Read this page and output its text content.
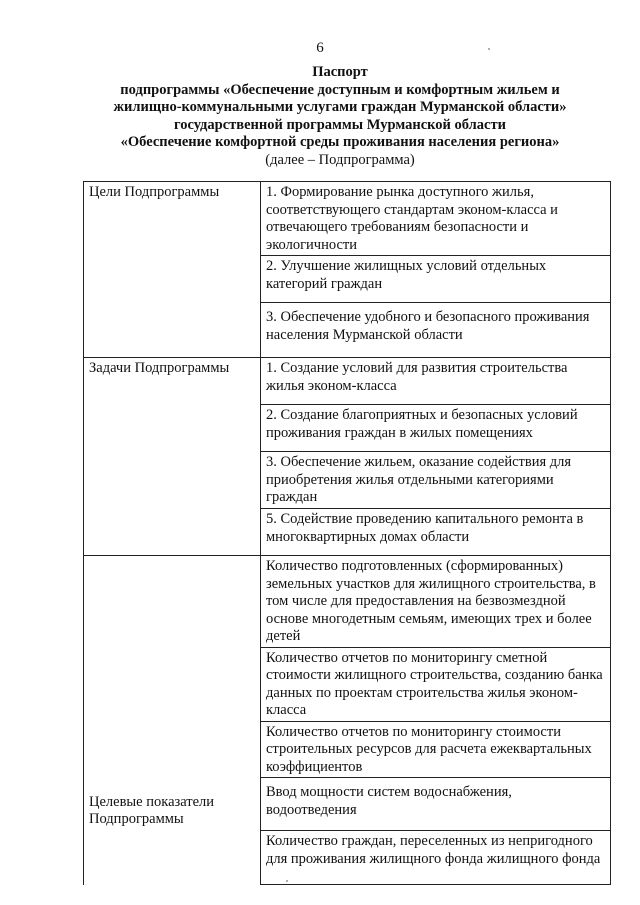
6
Паспорт
подпрограммы «Обеспечение доступным и комфортным жильем и
жилищно-коммунальными услугами граждан Мурманской области»
государственной программы Мурманской области
«Обеспечение комфортной среды проживания населения региона»
(далее – Подпрограмма)
Цели Подпрограммы	1. Формирование рынка доступного жилья, соответствующего стандартам эконом-класса и отвечающего требованиям безопасности и экологичности
	2. Улучшение жилищных условий отдельных категорий граждан
	3. Обеспечение удобного и безопасного проживания населения Мурманской области
Задачи Подпрограммы	1. Создание условий для развития строительства жилья эконом-класса
	2. Создание благоприятных и безопасных условий проживания граждан в жилых помещениях
	3. Обеспечение жильем, оказание содействия для приобретения жилья отдельными категориями граждан
	5. Содействие проведению капитального ремонта в многоквартирных домах области
Целевые показатели Подпрограммы	Количество подготовленных (сформированных) земельных участков для жилищного строительства, в том числе для предоставления на безвозмездной основе многодетным семьям, имеющих трех и более детей
	Количество отчетов по мониторингу сметной стоимости жилищного строительства, созданию банка данных по проектам строительства жилья эконом-класса
	Количество отчетов по мониторингу стоимости строительных ресурсов для расчета ежеквартальных коэффициентов
	Ввод мощности систем водоснабжения, водоотведения
	Количество граждан, переселенных из непригодного для проживания жилищного фонда жилищного фонда
